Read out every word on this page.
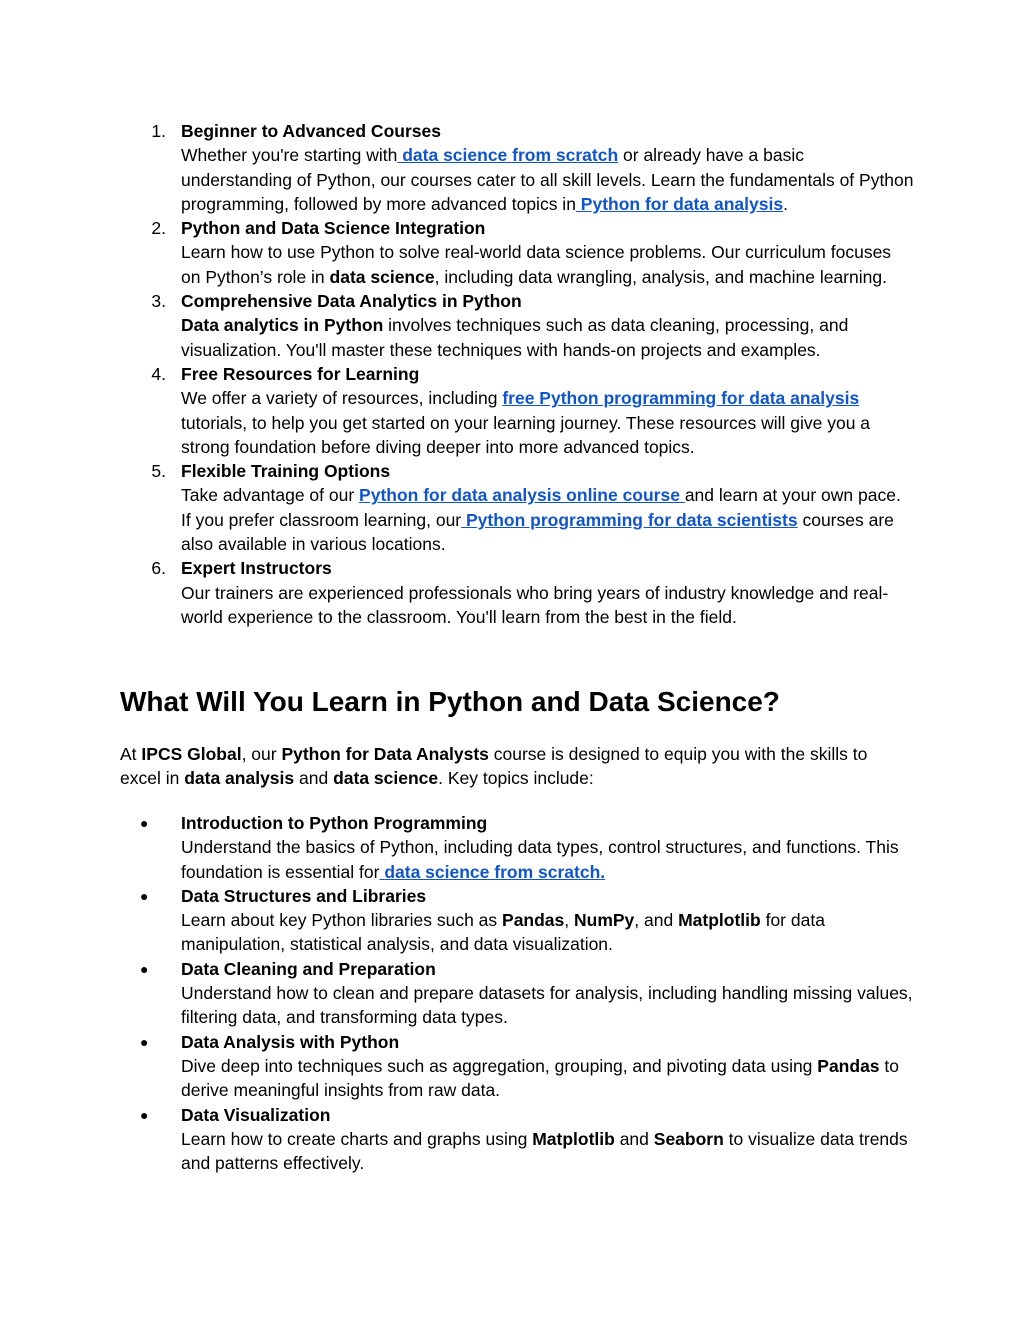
1. Beginner to Advanced Courses
Whether you're starting with data science from scratch or already have a basic understanding of Python, our courses cater to all skill levels. Learn the fundamentals of Python programming, followed by more advanced topics in Python for data analysis.
2. Python and Data Science Integration
Learn how to use Python to solve real-world data science problems. Our curriculum focuses on Python’s role in data science, including data wrangling, analysis, and machine learning.
3. Comprehensive Data Analytics in Python
Data analytics in Python involves techniques such as data cleaning, processing, and visualization. You'll master these techniques with hands-on projects and examples.
4. Free Resources for Learning
We offer a variety of resources, including free Python programming for data analysis tutorials, to help you get started on your learning journey. These resources will give you a strong foundation before diving deeper into more advanced topics.
5. Flexible Training Options
Take advantage of our Python for data analysis online course and learn at your own pace. If you prefer classroom learning, our Python programming for data scientists courses are also available in various locations.
6. Expert Instructors
Our trainers are experienced professionals who bring years of industry knowledge and real-world experience to the classroom. You'll learn from the best in the field.
What Will You Learn in Python and Data Science?

At IPCS Global, our Python for Data Analysts course is designed to equip you with the skills to excel in data analysis and data science. Key topics include:

●	Introduction to Python Programming
Understand the basics of Python, including data types, control structures, and functions. This foundation is essential for data science from scratch.
●	Data Structures and Libraries
Learn about key Python libraries such as Pandas, NumPy, and Matplotlib for data manipulation, statistical analysis, and data visualization.
●	Data Cleaning and Preparation
Understand how to clean and prepare datasets for analysis, including handling missing values, filtering data, and transforming data types.
●	Data Analysis with Python
Dive deep into techniques such as aggregation, grouping, and pivoting data using Pandas to derive meaningful insights from raw data.
●	Data Visualization
Learn how to create charts and graphs using Matplotlib and Seaborn to visualize data trends and patterns effectively.
